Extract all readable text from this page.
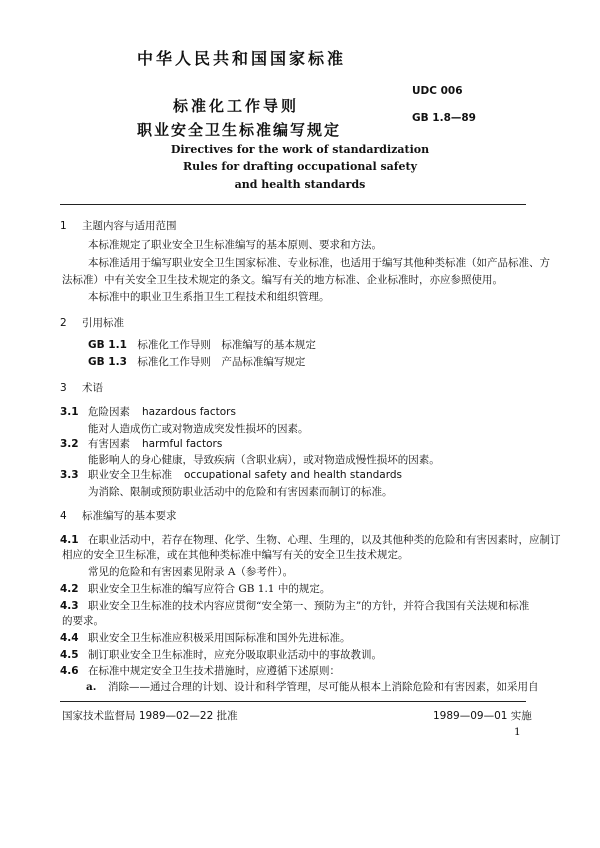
中华人民共和国国家标准
UDC 006
标准化工作导则
GB 1.8—89
职业安全卫生标准编写规定
Directives for the work of standardization
Rules for drafting occupational safety
and health standards
1 主题内容与适用范围
本标准规定了职业安全卫生标准编写的基本原则、要求和方法。
本标准适用于编写职业安全卫生国家标准、专业标准，也适用于编写其他种类标准（如产品标准、方
法标准）中有关安全卫生技术规定的条文。编写有关的地方标准、企业标准时，亦应参照使用。
本标准中的职业卫生系指卫生工程技术和组织管理。
2 引用标准
GB 1.1　 标准化工作导则　标准编写的基本规定
GB 1.3　 标准化工作导则　产品标准编写规定
3 术语
3.1 危险因素 hazardous factors
能对人造成伤亡或对物造成突发性损坏的因素。
3.2 有害因素 harmful factors
能影响人的身心健康，导致疾病（含职业病），或对物造成慢性损坏的因素。
3.3 职业安全卫生标准 occupational safety and health standards
为消除、限制或预防职业活动中的危险和有害因素而制订的标准。
4 标准编写的基本要求
4.1 在职业活动中，若存在物理、化学、生物、心理、生理的，以及其他种类的危险和有害因素时，应制订
相应的安全卫生标准，或在其他种类标准中编写有关的安全卫生技术规定。
常见的危险和有害因素见附录 A（参考件）。
4.2 职业安全卫生标准的编写应符合 GB 1.1 中的规定。
4.3 职业安全卫生标准的技术内容应贯彻“安全第一、预防为主”的方针，并符合我国有关法规和标准
的要求。
4.4 职业安全卫生标准应积极采用国际标准和国外先进标准。
4.5 制订职业安全卫生标准时，应充分吸取职业活动中的事故教训。
4.6 在标准中规定安全卫生技术措施时，应遵循下述原则：
a. 消除——通过合理的计划、设计和科学管理，尽可能从根本上消除危险和有害因素，如采用自
国家技术监督局 1989—02—22 批准	1989—09—01 实施
1
